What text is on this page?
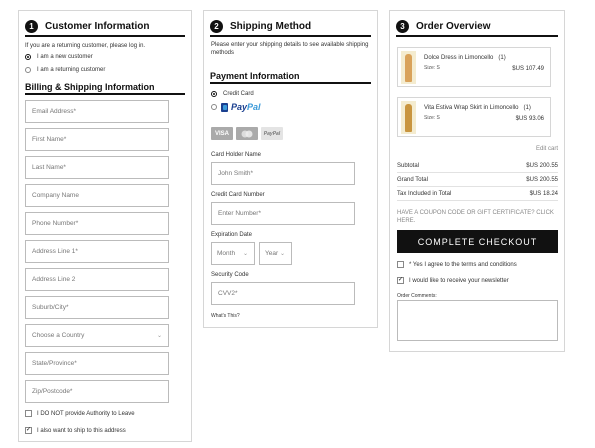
1	Customer Information
If you are a returning customer, please log in.
I am a new customer
I am a returning customer
Billing & Shipping Information
Email Address*
First Name*
Last Name*
Company Name
Phone Number*
Address Line 1*
Address Line 2
Suburb/City*
Choose a Country	⌄
State/Province*
Zip/Postcode*
I DO NOT provide Authority to Leave
✓ I also want to ship to this address
2	Shipping Method
Please enter your shipping details to see available shipping methods
Payment Information
Credit Card
Pay Pal
VISA	PayPal
Card Holder Name
John Smith*
Credit Card Number
Enter Number*
Expiration Date
Month ⌄	Year ⌄
Security Code
CVV2*
What's This?
3	Order Overview
Dolce Dress in Limoncello (1)
Size: S	$US 107.49
Vita Estiva Wrap Skirt in Limoncello (1)
Size: S	$US 93.06
Edit cart
Subtotal	$US 200.55
Grand Total	$US 200.55
Tax Included in Total	$US 18.24
HAVE A COUPON CODE OR GIFT CERTIFICATE? CLICK HERE.
COMPLETE CHECKOUT
* Yes I agree to the terms and conditions
✓ I would like to receive your newsletter
Order Comments:
